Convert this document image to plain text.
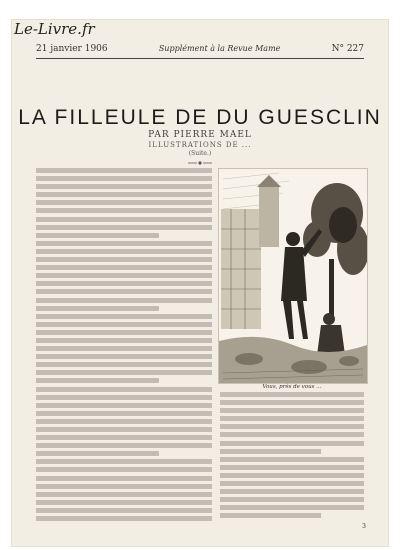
Le-Livre.fr
21 janvier 1906	Supplément à la Revue Mame	N° 227
LA FILLEULE DE DU GUESCLIN
PAR PIERRE MAEL
ILLUSTRATIONS DE ...
(Suite.)
Vous, près de vous ...
3
